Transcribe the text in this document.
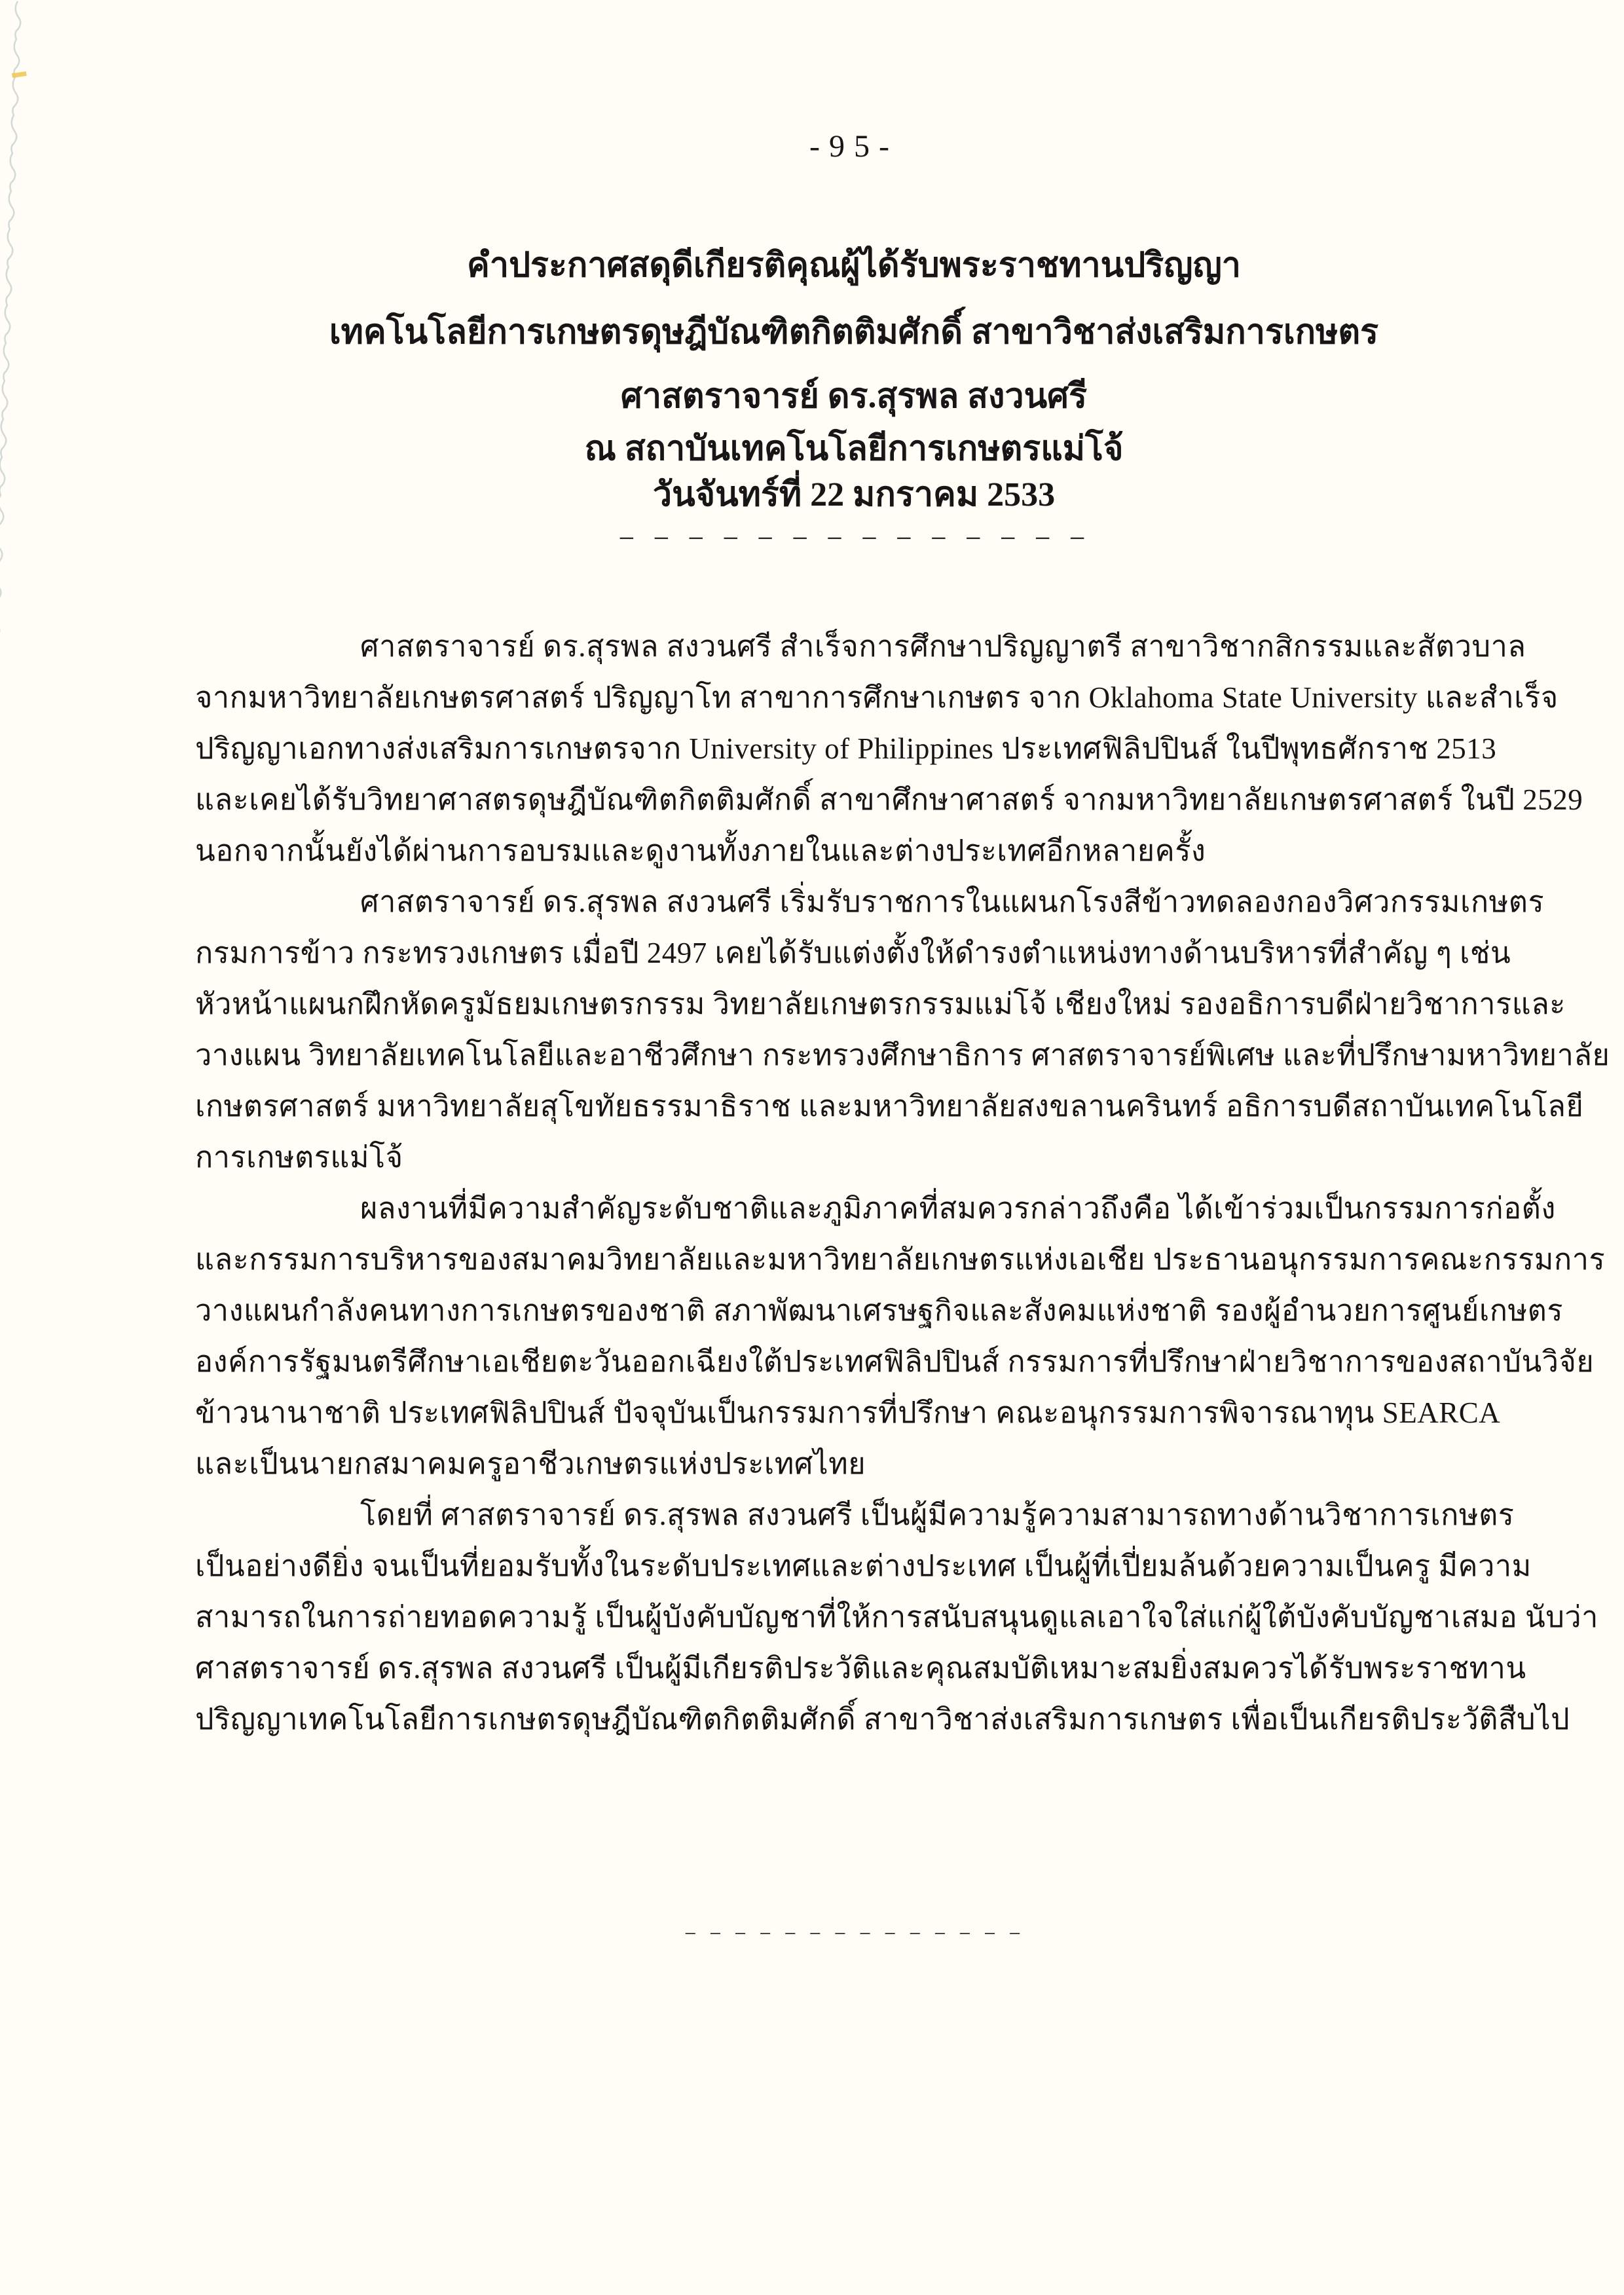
-95-
คำประกาศสดุดีเกียรติคุณผู้ได้รับพระราชทานปริญญา
เทคโนโลยีการเกษตรดุษฎีบัณฑิตกิตติมศักดิ์ สาขาวิชาส่งเสริมการเกษตร
ศาสตราจารย์ ดร.สุรพล สงวนศรี
ณ สถาบันเทคโนโลยีการเกษตรแม่โจ้
วันจันทร์ที่ 22 มกราคม 2533
— — — — — — — — — — — — — —
ศาสตราจารย์ ดร.สุรพล สงวนศรี สำเร็จการศึกษาปริญญาตรี สาขาวิชากสิกรรมและสัตวบาล
จากมหาวิทยาลัยเกษตรศาสตร์ ปริญญาโท สาขาการศึกษาเกษตร จาก Oklahoma State University และสำเร็จ
ปริญญาเอกทางส่งเสริมการเกษตรจาก University of Philippines ประเทศฟิลิปปินส์ ในปีพุทธศักราช 2513
และเคยได้รับวิทยาศาสตรดุษฎีบัณฑิตกิตติมศักดิ์ สาขาศึกษาศาสตร์ จากมหาวิทยาลัยเกษตรศาสตร์ ในปี 2529
นอกจากนั้นยังได้ผ่านการอบรมและดูงานทั้งภายในและต่างประเทศอีกหลายครั้ง
ศาสตราจารย์ ดร.สุรพล สงวนศรี เริ่มรับราชการในแผนกโรงสีข้าวทดลองกองวิศวกรรมเกษตร
กรมการข้าว กระทรวงเกษตร เมื่อปี 2497 เคยได้รับแต่งตั้งให้ดำรงตำแหน่งทางด้านบริหารที่สำคัญ ๆ เช่น
หัวหน้าแผนกฝึกหัดครูมัธยมเกษตรกรรม วิทยาลัยเกษตรกรรมแม่โจ้ เชียงใหม่ รองอธิการบดีฝ่ายวิชาการและ
วางแผน วิทยาลัยเทคโนโลยีและอาชีวศึกษา กระทรวงศึกษาธิการ ศาสตราจารย์พิเศษ และที่ปรึกษามหาวิทยาลัย
เกษตรศาสตร์ มหาวิทยาลัยสุโขทัยธรรมาธิราช และมหาวิทยาลัยสงขลานครินทร์ อธิการบดีสถาบันเทคโนโลยี
การเกษตรแม่โจ้
ผลงานที่มีความสำคัญระดับชาติและภูมิภาคที่สมควรกล่าวถึงคือ ได้เข้าร่วมเป็นกรรมการก่อตั้ง
และกรรมการบริหารของสมาคมวิทยาลัยและมหาวิทยาลัยเกษตรแห่งเอเชีย ประธานอนุกรรมการคณะกรรมการ
วางแผนกำลังคนทางการเกษตรของชาติ สภาพัฒนาเศรษฐกิจและสังคมแห่งชาติ รองผู้อำนวยการศูนย์เกษตร
องค์การรัฐมนตรีศึกษาเอเชียตะวันออกเฉียงใต้ประเทศฟิลิปปินส์ กรรมการที่ปรึกษาฝ่ายวิชาการของสถาบันวิจัย
ข้าวนานาชาติ ประเทศฟิลิปปินส์ ปัจจุบันเป็นกรรมการที่ปรึกษา คณะอนุกรรมการพิจารณาทุน SEARCA
และเป็นนายกสมาคมครูอาชีวเกษตรแห่งประเทศไทย
โดยที่ ศาสตราจารย์ ดร.สุรพล สงวนศรี เป็นผู้มีความรู้ความสามารถทางด้านวิชาการเกษตร
เป็นอย่างดียิ่ง จนเป็นที่ยอมรับทั้งในระดับประเทศและต่างประเทศ เป็นผู้ที่เปี่ยมล้นด้วยความเป็นครู มีความ
สามารถในการถ่ายทอดความรู้ เป็นผู้บังคับบัญชาที่ให้การสนับสนุนดูแลเอาใจใส่แก่ผู้ใต้บังคับบัญชาเสมอ นับว่า
ศาสตราจารย์ ดร.สุรพล สงวนศรี เป็นผู้มีเกียรติประวัติและคุณสมบัติเหมาะสมยิ่งสมควรได้รับพระราชทาน
ปริญญาเทคโนโลยีการเกษตรดุษฎีบัณฑิตกิตติมศักดิ์ สาขาวิชาส่งเสริมการเกษตร เพื่อเป็นเกียรติประวัติสืบไป
— — — — — — — — — — — — — —
